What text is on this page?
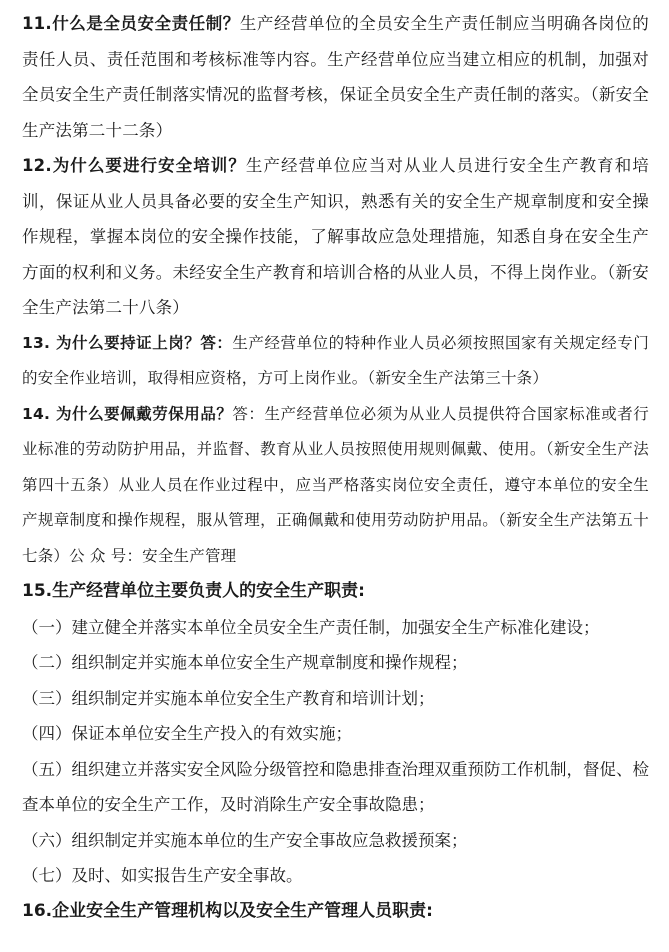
11.什么是全员安全责任制？生产经营单位的全员安全生产责任制应当明确各岗位的责任人员、责任范围和考核标准等内容。生产经营单位应当建立相应的机制，加强对全员安全生产责任制落实情况的监督考核，保证全员安全生产责任制的落实。（新安全生产法第二十二条）

12.为什么要进行安全培训？生产经营单位应当对从业人员进行安全生产教育和培训，保证从业人员具备必要的安全生产知识，熟悉有关的安全生产规章制度和安全操作规程，掌握本岗位的安全操作技能，了解事故应急处理措施，知悉自身在安全生产方面的权利和义务。未经安全生产教育和培训合格的从业人员，不得上岗作业。（新安全生产法第二十八条）

13. 为什么要持证上岗？答：生产经营单位的特种作业人员必须按照国家有关规定经专门的安全作业培训，取得相应资格，方可上岗作业。（新安全生产法第三十条）

14. 为什么要佩戴劳保用品？答：生产经营单位必须为从业人员提供符合国家标准或者行业标准的劳动防护用品，并监督、教育从业人员按照使用规则佩戴、使用。（新安全生产法第四十五条）从业人员在作业过程中，应当严格落实岗位安全责任，遵守本单位的安全生产规章制度和操作规程，服从管理，正确佩戴和使用劳动防护用品。（新安全生产法第五十七条）公 众 号：安全生产管理

15.生产经营单位主要负责人的安全生产职责:

（一）建立健全并落实本单位全员安全生产责任制，加强安全生产标准化建设；

（二）组织制定并实施本单位安全生产规章制度和操作规程；

（三）组织制定并实施本单位安全生产教育和培训计划；

（四）保证本单位安全生产投入的有效实施；

（五）组织建立并落实安全风险分级管控和隐患排查治理双重预防工作机制，督促、检查本单位的安全生产工作，及时消除生产安全事故隐患；

（六）组织制定并实施本单位的生产安全事故应急救援预案；

（七）及时、如实报告生产安全事故。

16.企业安全生产管理机构以及安全生产管理人员职责:
